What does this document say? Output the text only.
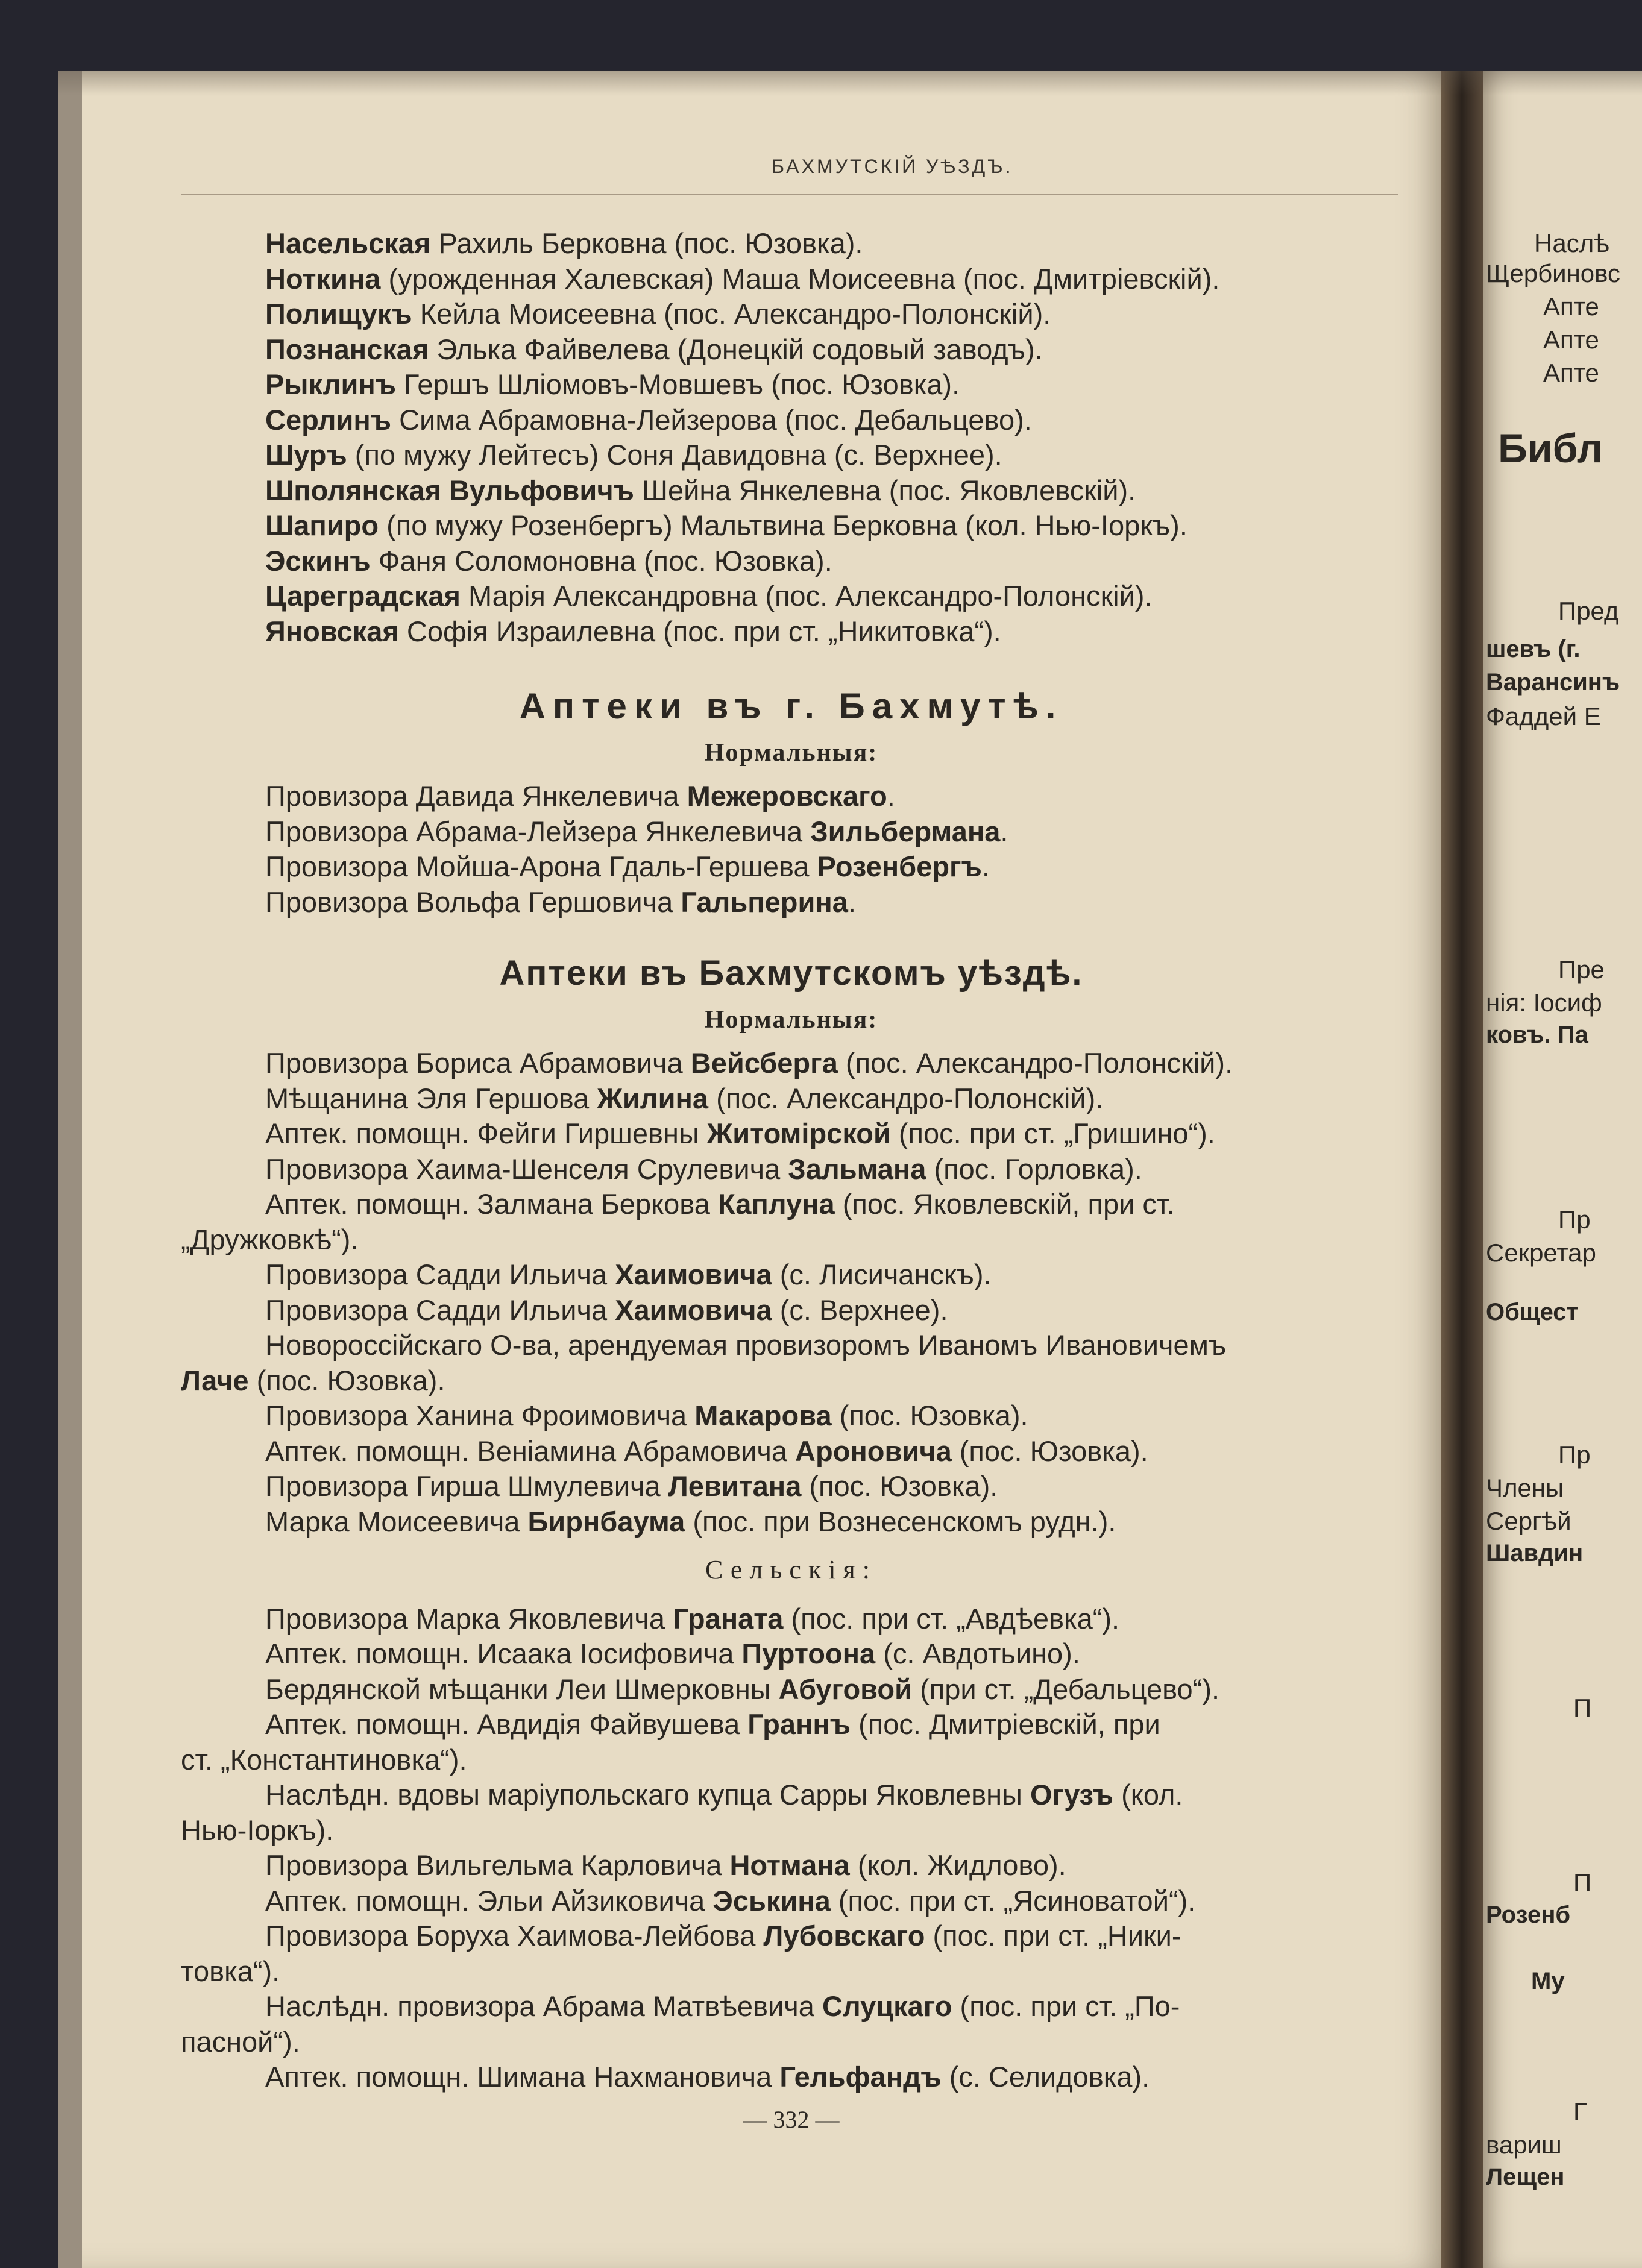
БАХМУТСКІЙ УѢЗДЪ.
Насельская Рахиль Берковна (пос. Юзовка).
Ноткина (урожденная Халевская) Маша Моисеевна (пос. Дмитріевскій).
Полищукъ Кейла Моисеевна (пос. Александро-Полонскій).
Познанская Элька Файвелева (Донецкій содовый заводъ).
Рыклинъ Гершъ Шліомовъ-Мовшевъ (пос. Юзовка).
Серлинъ Сима Абрамовна-Лейзерова (пос. Дебальцево).
Шуръ (по мужу Лейтесъ) Соня Давидовна (с. Верхнее).
Шполянская Вульфовичъ Шейна Янкелевна (пос. Яковлевскій).
Шапиро (по мужу Розенбергъ) Мальтвина Берковна (кол. Нью-Іоркъ).
Эскинъ Фаня Соломоновна (пос. Юзовка).
Цареградская Марія Александровна (пос. Александро-Полонскій).
Яновская Софія Израилевна (пос. при ст. „Никитовка“).
Аптеки въ г. Бахмутѣ.
Нормальныя:
Провизора Давида Янкелевича Межеровскаго.
Провизора Абрама-Лейзера Янкелевича Зильбермана.
Провизора Мойша-Арона Гдаль-Гершева Розенбергъ.
Провизора Вольфа Гершовича Гальперина.
Аптеки въ Бахмутскомъ уѣздѣ.
Нормальныя:
Провизора Бориса Абрамовича Вейсберга (пос. Александро-Полонскій).
Мѣщанина Эля Гершова Жилина (пос. Александро-Полонскій).
Аптек. помощн. Фейги Гиршевны Житомірской (пос. при ст. „Гришино“).
Провизора Хаима-Шенселя Срулевича Зальмана (пос. Горловка).
Аптек. помощн. Залмана Беркова Каплуна (пос. Яковлевскій, при ст.
„Дружковкѣ“).
Провизора Садди Ильича Хаимовича (с. Лисичанскъ).
Провизора Садди Ильича Хаимовича (с. Верхнее).
Новороссійскаго О-ва, арендуемая провизоромъ Иваномъ Ивановичемъ
Лаче (пос. Юзовка).
Провизора Ханина Фроимовича Макарова (пос. Юзовка).
Аптек. помощн. Веніамина Абрамовича Ароновича (пос. Юзовка).
Провизора Гирша Шмулевича Левитана (пос. Юзовка).
Марка Моисеевича Бирнбаума (пос. при Вознесенскомъ рудн.).
Сельскія:
Провизора Марка Яковлевича Граната (пос. при ст. „Авдѣевка“).
Аптек. помощн. Исаака Іосифовича Пуртоона (с. Авдотьино).
Бердянской мѣщанки Леи Шмерковны Абуговой (при ст. „Дебальцево“).
Аптек. помощн. Авдидія Файвушева Граннъ (пос. Дмитріевскій, при
ст. „Константиновка“).
Наслѣдн. вдовы маріупольскаго купца Сарры Яковлевны Огузъ (кол.
Нью-Іоркъ).
Провизора Вильгельма Карловича Нотмана (кол. Жидлово).
Аптек. помощн. Эльи Айзиковича Эськина (пос. при ст. „Ясиноватой“).
Провизора Боруха Хаимова-Лейбова Лубовскаго (пос. при ст. „Ники-
товка“).
Наслѣдн. провизора Абрама Матвѣевича Слуцкаго (пос. при ст. „По-
пасной“).
Аптек. помощн. Шимана Нахмановича Гельфандъ (с. Селидовка).
— 332 —
Наслѣ
Щербиновс
Апте
Апте
Апте
Библ
Пред
шевъ (г.
Варансинъ
Фаддей Е
Пре
нія: Іосиф
ковъ. Па
Пр
Секретар
Общест
Пр
Члены
Сергѣй
Шавдин
П
П
Розенб
Му
Г
вариш
Лещен
